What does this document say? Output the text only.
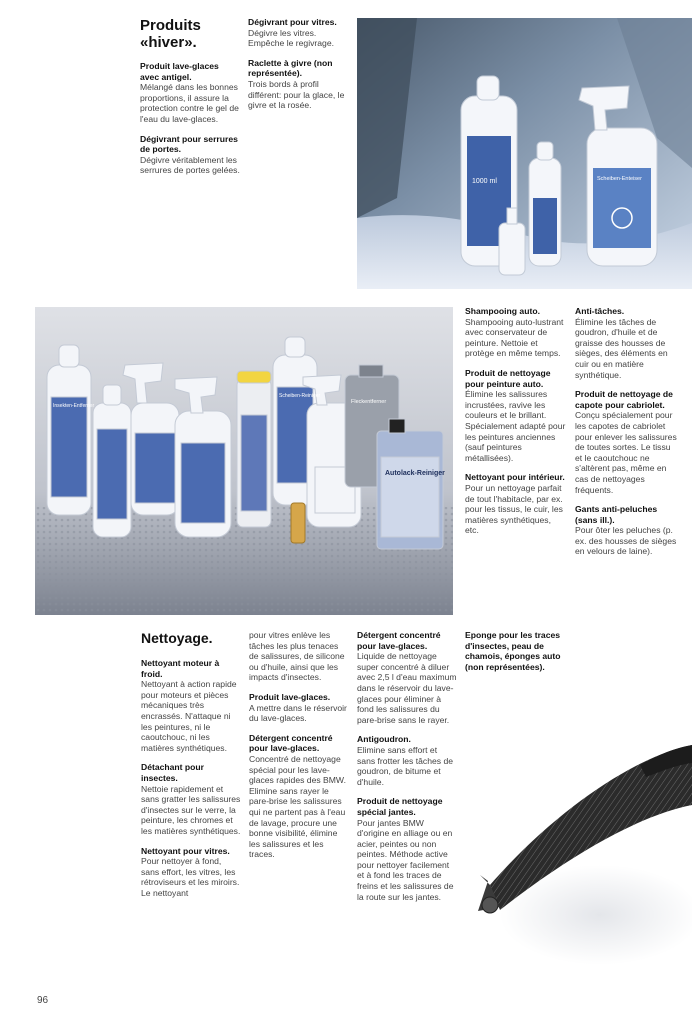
Produits
«hiver».

Produit lave-glaces avec antigel.
Mélangé dans les bonnes proportions, il assure la protection contre le gel de l'eau du lave-glaces.

Dégivrant pour serrures de portes.
Dégivre véritablement les serrures de portes gelées.

Dégivrant pour vitres.
Dégivre les vitres. Empêche le regivrage.

Raclette à givre (non représentée).
Trois bords à profil différent: pour la glace, le givre et la rosée.

1000 ml	Scheiben-Enteiser
Autolack-Reiniger
Fleckentferner
Insekten-Entferner
Scheiben-Reiniger

Shampooing auto.
Shampooing auto-lustrant avec conservateur de peinture. Nettoie et protège en même temps.

Produit de nettoyage pour peinture auto.
Élimine les salissures incrustées, ravive les couleurs et le brillant. Spécialement adapté pour les peintures anciennes (sauf peintures métallisées).

Nettoyant pour intérieur.
Pour un nettoyage parfait de tout l'habitacle, par ex. pour les tissus, le cuir, les matières synthétiques, etc.

Anti-tâches.
Élimine les tâches de goudron, d'huile et de graisse des housses de sièges, des éléments en cuir ou en matière synthétique.

Produit de nettoyage de capote pour cabriolet.
Conçu spécialement pour les capotes de cabriolet pour enlever les salissures de toutes sortes. Le tissu et le caoutchouc ne s'altèrent pas, même en cas de nettoyages fréquents.

Gants anti-peluches (sans ill.).
Pour ôter les peluches (p. ex. des housses de sièges en velours de laine).

Nettoyage.

Nettoyant moteur à froid.
Nettoyant à action rapide pour moteurs et pièces mécaniques très encrassés. N'attaque ni les peintures, ni le caoutchouc, ni les matières synthétiques.

Détachant pour insectes.
Nettoie rapidement et sans gratter les salissures d'insectes sur le verre, la peinture, les chromes et les matières synthétiques.

Nettoyant pour vitres.
Pour nettoyer à fond, sans effort, les vitres, les rétroviseurs et les miroirs. Le nettoyant

pour vitres enlève les tâches les plus tenaces de salissures, de silicone ou d'huile, ainsi que les impacts d'insectes.

Produit lave-glaces.
A mettre dans le réservoir du lave-glaces.

Détergent concentré pour lave-glaces.
Concentré de nettoyage spécial pour les lave-glaces rapides des BMW. Elimine sans rayer le pare-brise les salissures qui ne partent pas à l'eau de lavage, procure une bonne visibilité, élimine les salissures et les traces.

Détergent concentré pour lave-glaces.
Liquide de nettoyage super concentré à diluer avec 2,5 l d'eau maximum dans le réservoir du lave-glaces pour éliminer à fond les salissures du pare-brise sans le rayer.

Antigoudron.
Elimine sans effort et sans frotter les tâches de goudron, de bitume et d'huile.

Produit de nettoyage spécial jantes.
Pour jantes BMW d'origine en alliage ou en acier, peintes ou non peintes. Méthode active pour nettoyer facilement et à fond les traces de freins et les salissures de la route sur les jantes.

Eponge pour les traces d'insectes, peau de chamois, éponges auto (non représentées).

96
